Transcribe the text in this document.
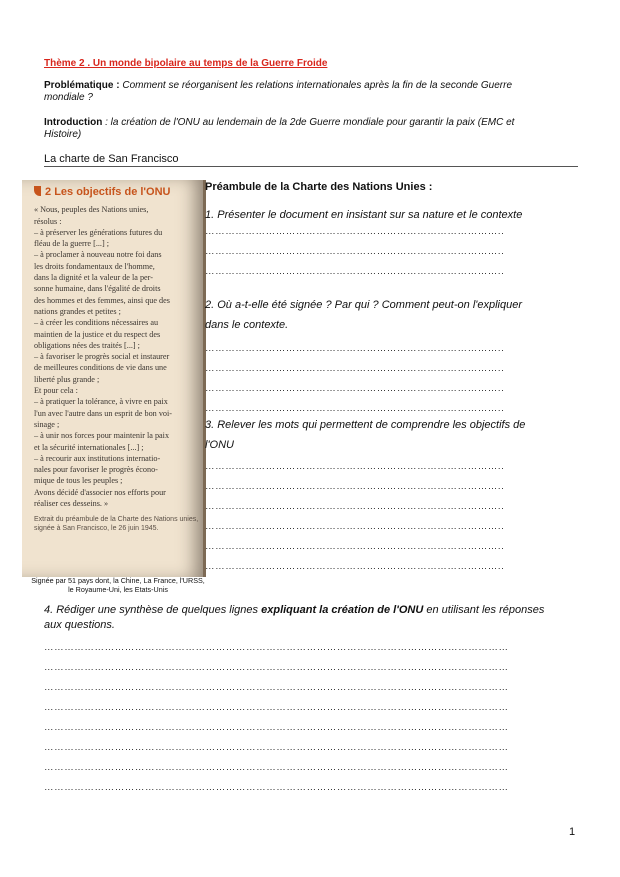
Thème 2 . Un monde bipolaire au temps de la Guerre Froide
Problématique : Comment se réorganisent les relations internationales après la fin de la seconde Guerre mondiale ?
Introduction : la création de l'ONU au lendemain de la 2de Guerre mondiale pour garantir la paix (EMC et Histoire)
La charte de San Francisco
2 Les objectifs de l'ONU
« Nous, peuples des Nations unies,
résolus :
– à préserver les générations futures du
fléau de la guerre [...] ;
– à proclamer à nouveau notre foi dans
les droits fondamentaux de l'homme,
dans la dignité et la valeur de la per-
sonne humaine, dans l'égalité de droits
des hommes et des femmes, ainsi que des
nations grandes et petites ;
– à créer les conditions nécessaires au
maintien de la justice et du respect des
obligations nées des traités [...] ;
– à favoriser le progrès social et instaurer
de meilleures conditions de vie dans une
liberté plus grande ;
Et pour cela :
– à pratiquer la tolérance, à vivre en paix
l'un avec l'autre dans un esprit de bon voi-
sinage ;
– à unir nos forces pour maintenir la paix
et la sécurité internationales [...] ;
– à recourir aux institutions internatio-
nales pour favoriser le progrès écono-
mique de tous les peuples ;
Avons décidé d'associer nos efforts pour
réaliser ces desseins. »
Extrait du préambule de la Charte des Nations unies, signée à San Francisco, le 26 juin 1945.
Signée par 51 pays dont, la Chine, La France, l'URSS, le Royaume-Uni, les Etats-Unis
Préambule de la Charte des Nations Unies :
1. Présenter le document en insistant sur sa nature et le contexte
……………………………………………………………………………..
……………………………………………………………………………..
……………………………………………………………………………..
2. Où a-t-elle été signée ? Par qui ? Comment peut-on l'expliquer dans le contexte.
……………………………………………………………………………..
……………………………………………………………………………..
……………………………………………………………………………..
……………………………………………………………………………..
3. Relever les mots qui permettent de comprendre les objectifs de l'ONU
……………………………………………………………………………..
……………………………………………………………………………..
……………………………………………………………………………..
……………………………………………………………………………..
……………………………………………………………………………..
……………………………………………………………………………..
4. Rédiger une synthèse de quelques lignes expliquant la création de l'ONU en utilisant les réponses aux questions.
…………………………………………………………………………………………………………………………
…………………………………………………………………………………………………………………………
…………………………………………………………………………………………………………………………
…………………………………………………………………………………………………………………………
…………………………………………………………………………………………………………………………
…………………………………………………………………………………………………………………………
…………………………………………………………………………………………………………………………
…………………………………………………………………………………………………………………………
1
